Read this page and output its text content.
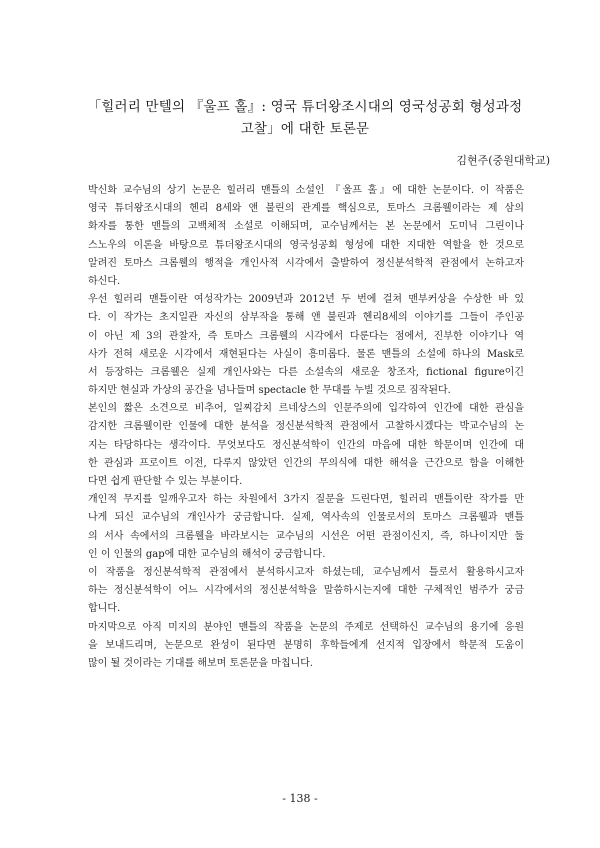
「힐러리 만텔의 『울프 홀』: 영국 튜더왕조시대의 영국성공회 형성과정
고찰」에 대한 토론문
김현주(중원대학교)
박신화 교수님의 상기 논문은 힐러리 맨틀의 소설인 『울프 홀』에 대한 논문이다. 이 작품은
영국 튜더왕조시대의 헨리 8세와 앤 불린의 관계를 핵심으로, 토마스 크롬웰이라는 제 삼의
화자를 통한 맨틀의 고백체적 소설로 이해되며, 교수님께서는 본 논문에서 도미닉 그린이나
스노우의 이론을 바탕으로 튜더왕조시대의 영국성공회 형성에 대한 지대한 역할을 한 것으로
알려진 토마스 크롬웰의 행적을 개인사적 시각에서 출발하여 정신분석학적 관점에서 논하고자
하신다.
우선 힐러리 맨틀이란 여성작가는 2009년과 2012년 두 번에 걸쳐 맨부커상을 수상한 바 있
다. 이 작가는 초지일관 자신의 삼부작을 통해 앤 불린과 헨리8세의 이야기를 그들이 주인공
이 아닌 제 3의 관찰자, 즉 토마스 크롬웰의 시각에서 다룬다는 점에서, 진부한 이야기나 역
사가 전혀 새로운 시각에서 재현된다는 사실이 흥미롭다. 물론 맨틀의 소설에 하나의 Mask로
서 등장하는 크롬웰은 실제 개인사와는 다른 소설속의 새로운 창조자, fictional figure이긴
하지만 현실과 가상의 공간을 넘나들며 spectacle 한 무대를 누빌 것으로 짐작된다.
본인의 짧은 소견으로 비추어, 일찌감치 르네상스의 인문주의에 입각하여 인간에 대한 관심을
감지한 크롬웰이란 인물에 대한 분석을 정신분석학적 관점에서 고찰하시겠다는 박교수님의 논
지는 타당하다는 생각이다. 무엇보다도 정신분석학이 인간의 마음에 대한 학문이며 인간에 대
한 관심과 프로이트 이전, 다루지 않았던 인간의 무의식에 대한 해석을 근간으로 함을 이해한
다면 쉽게 판단할 수 있는 부분이다.
개인적 무지를 일깨우고자 하는 차원에서 3가지 질문을 드린다면, 힐러리 맨틀이란 작가를 만
나게 되신 교수님의 개인사가 궁금합니다. 실제, 역사속의 인물로서의 토마스 크롬웰과 맨틀
의 서사 속에서의 크롬웰을 바라보시는 교수님의 시선은 어떤 관점이신지, 즉, 하나이지만 둘
인 이 인물의 gap에 대한 교수님의 해석이 궁금합니다.
이 작품을 정신분석학적 관점에서 분석하시고자 하셨는데, 교수님께서 틀로서 활용하시고자
하는 정신분석학이 어느 시각에서의 정신분석학을 말씀하시는지에 대한 구체적인 범주가 궁금
합니다.
마지막으로 아직 미지의 분야인 맨틀의 작품을 논문의 주제로 선택하신 교수님의 용기에 응원
을 보내드리며, 논문으로 완성이 된다면 분명히 후학들에게 선지적 입장에서 학문적 도움이
많이 될 것이라는 기대를 해보며 토론문을 마칩니다.
- 138 -
